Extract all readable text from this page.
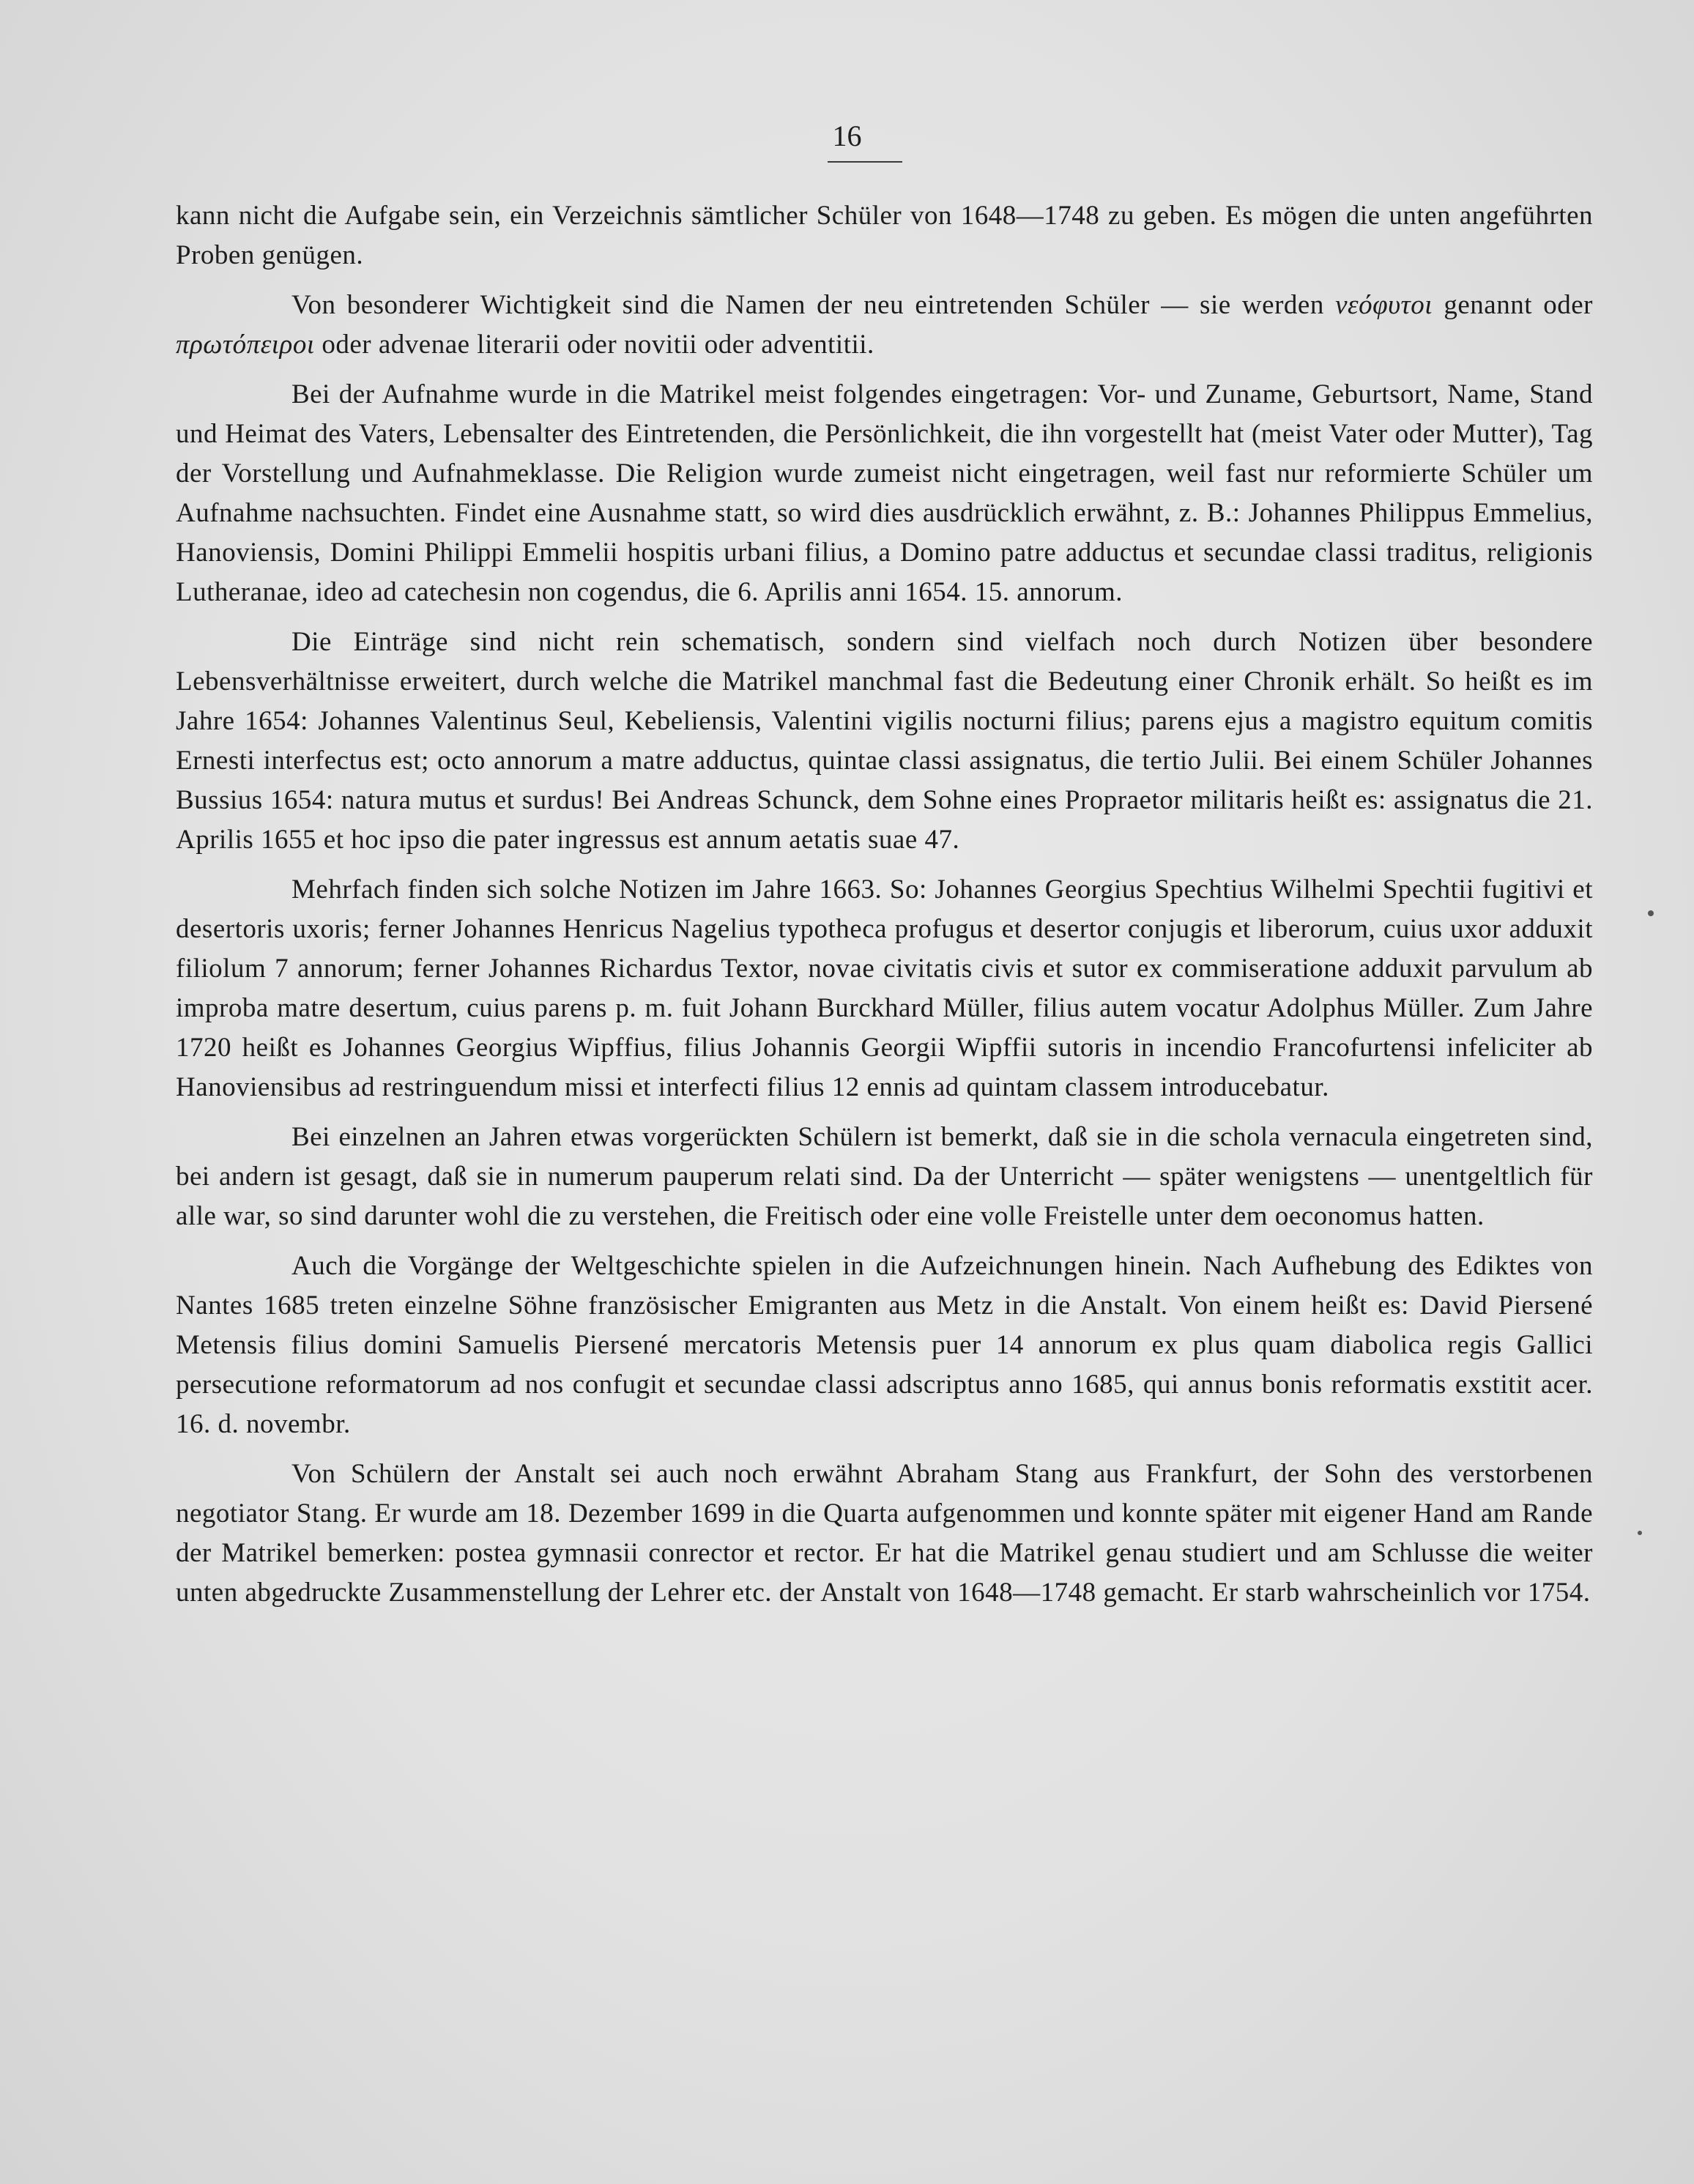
16

kann nicht die Aufgabe sein, ein Verzeichnis sämtlicher Schüler von 1648—1748 zu geben. Es mögen die unten angeführten Proben genügen.

Von besonderer Wichtigkeit sind die Namen der neu eintretenden Schüler — sie werden νεόφυτοι genannt oder πρωτόπειροι oder advenae literarii oder novitii oder adventitii.

Bei der Aufnahme wurde in die Matrikel meist folgendes eingetragen: Vor- und Zuname, Geburtsort, Name, Stand und Heimat des Vaters, Lebensalter des Eintretenden, die Persönlichkeit, die ihn vorgestellt hat (meist Vater oder Mutter), Tag der Vorstellung und Aufnahmeklasse. Die Religion wurde zumeist nicht eingetragen, weil fast nur reformierte Schüler um Aufnahme nachsuchten. Findet eine Ausnahme statt, so wird dies ausdrücklich erwähnt, z. B.: Johannes Philippus Emmelius, Hanoviensis, Domini Philippi Emmelii hospitis urbani filius, a Domino patre adductus et secundae classi traditus, religionis Lutheranae, ideo ad catechesin non cogendus, die 6. Aprilis anni 1654. 15. annorum.

Die Einträge sind nicht rein schematisch, sondern sind vielfach noch durch Notizen über besondere Lebensverhältnisse erweitert, durch welche die Matrikel manchmal fast die Bedeutung einer Chronik erhält. So heißt es im Jahre 1654: Johannes Valentinus Seul, Kebeliensis, Valentini vigilis nocturni filius; parens ejus a magistro equitum comitis Ernesti interfectus est; octo annorum a matre adductus, quintae classi assignatus, die tertio Julii. Bei einem Schüler Johannes Bussius 1654: natura mutus et surdus! Bei Andreas Schunck, dem Sohne eines Propraetor militaris heißt es: assignatus die 21. Aprilis 1655 et hoc ipso die pater ingressus est annum aetatis suae 47.

Mehrfach finden sich solche Notizen im Jahre 1663. So: Johannes Georgius Spechtius Wilhelmi Spechtii fugitivi et desertoris uxoris; ferner Johannes Henricus Nagelius typotheca profugus et desertor conjugis et liberorum, cuius uxor adduxit filiolum 7 annorum; ferner Johannes Richardus Textor, novae civitatis civis et sutor ex commiseratione adduxit parvulum ab improba matre desertum, cuius parens p. m. fuit Johann Burckhard Müller, filius autem vocatur Adolphus Müller. Zum Jahre 1720 heißt es Johannes Georgius Wipffius, filius Johannis Georgii Wipffii sutoris in incendio Francofurtensi infeliciter ab Hanoviensibus ad restringuendum missi et interfecti filius 12 ennis ad quintam classem introducebatur.

Bei einzelnen an Jahren etwas vorgerückten Schülern ist bemerkt, daß sie in die schola vernacula eingetreten sind, bei andern ist gesagt, daß sie in numerum pauperum relati sind. Da der Unterricht — später wenigstens — unentgeltlich für alle war, so sind darunter wohl die zu verstehen, die Freitisch oder eine volle Freistelle unter dem oeconomus hatten.

Auch die Vorgänge der Weltgeschichte spielen in die Aufzeichnungen hinein. Nach Aufhebung des Ediktes von Nantes 1685 treten einzelne Söhne französischer Emigranten aus Metz in die Anstalt. Von einem heißt es: David Piersené Metensis filius domini Samuelis Piersené mercatoris Metensis puer 14 annorum ex plus quam diabolica regis Gallici persecutione reformatorum ad nos confugit et secundae classi adscriptus anno 1685, qui annus bonis reformatis exstitit acer. 16. d. novembr.

Von Schülern der Anstalt sei auch noch erwähnt Abraham Stang aus Frankfurt, der Sohn des verstorbenen negotiator Stang. Er wurde am 18. Dezember 1699 in die Quarta aufgenommen und konnte später mit eigener Hand am Rande der Matrikel bemerken: postea gymnasii conrector et rector. Er hat die Matrikel genau studiert und am Schlusse die weiter unten abgedruckte Zusammenstellung der Lehrer etc. der Anstalt von 1648—1748 gemacht. Er starb wahrscheinlich vor 1754.
